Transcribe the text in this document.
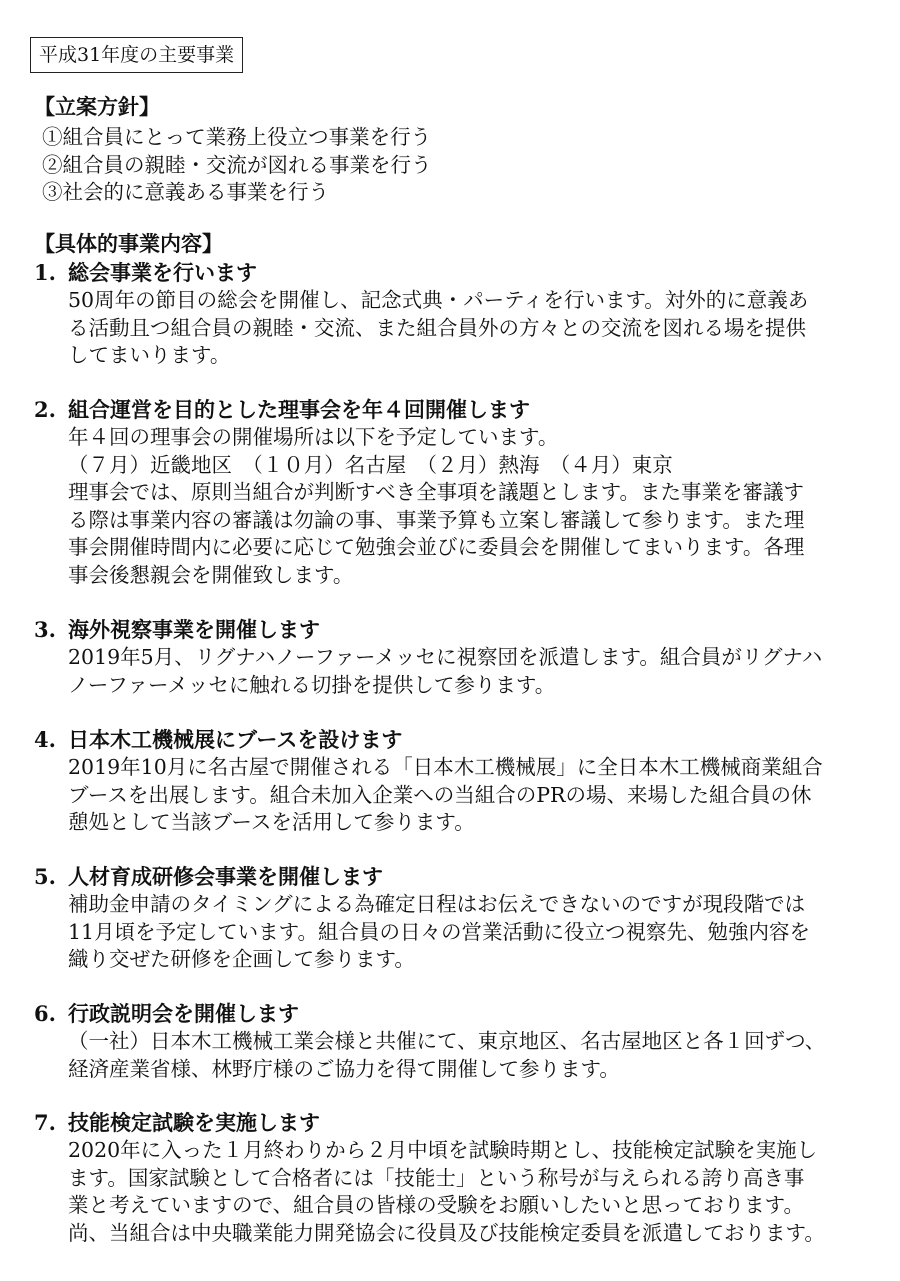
平成31年度の主要事業
【立案方針】
①組合員にとって業務上役立つ事業を行う
②組合員の親睦・交流が図れる事業を行う
③社会的に意義ある事業を行う
【具体的事業内容】
1. 総会事業を行います
50周年の節目の総会を開催し、記念式典・パーティを行います。対外的に意義あ
る活動且つ組合員の親睦・交流、また組合員外の方々との交流を図れる場を提供
してまいります。
2. 組合運営を目的とした理事会を年４回開催します
年４回の理事会の開催場所は以下を予定しています。
（７月）近畿地区　（１０月）名古屋　（２月）熱海　（４月）東京
理事会では、原則当組合が判断すべき全事項を議題とします。また事業を審議す
る際は事業内容の審議は勿論の事、事業予算も立案し審議して参ります。また理
事会開催時間内に必要に応じて勉強会並びに委員会を開催してまいります。各理
事会後懇親会を開催致します。
3. 海外視察事業を開催します
2019年5月、リグナハノーファーメッセに視察団を派遣します。組合員がリグナハ
ノーファーメッセに触れる切掛を提供して参ります。
4. 日本木工機械展にブースを設けます
2019年10月に名古屋で開催される「日本木工機械展」に全日本木工機械商業組合
ブースを出展します。組合未加入企業への当組合のPRの場、来場した組合員の休
憩処として当該ブースを活用して参ります。
5. 人材育成研修会事業を開催します
補助金申請のタイミングによる為確定日程はお伝えできないのですが現段階では
11月頃を予定しています。組合員の日々の営業活動に役立つ視察先、勉強内容を
織り交ぜた研修を企画して参ります。
6. 行政説明会を開催します
（一社）日本木工機械工業会様と共催にて、東京地区、名古屋地区と各１回ずつ、
経済産業省様、林野庁様のご協力を得て開催して参ります。
7. 技能検定試験を実施します
2020年に入った１月終わりから２月中頃を試験時期とし、技能検定試験を実施し
ます。国家試験として合格者には「技能士」という称号が与えられる誇り高き事
業と考えていますので、組合員の皆様の受験をお願いしたいと思っております。
尚、当組合は中央職業能力開発協会に役員及び技能検定委員を派遣しております。
